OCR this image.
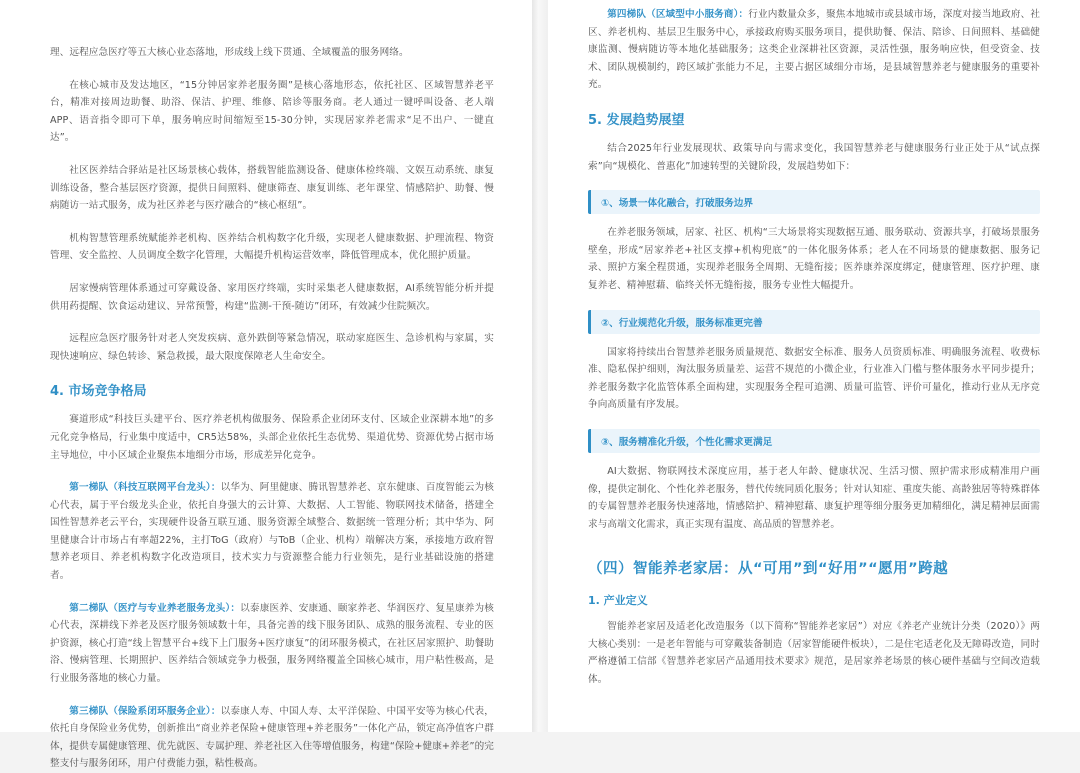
理、远程应急医疗等五大核心业态落地，形成线上线下贯通、全域覆盖的服务网络。

在核心城市及发达地区，“15分钟居家养老服务圈”是核心落地形态，依托社区、区域智慧养老平台，精准对接周边助餐、助浴、保洁、护理、维修、陪诊等服务商。老人通过一键呼叫设备、老人端APP、语音指令即可下单，服务响应时间缩短至15-30分钟，实现居家养老需求“足不出户、一键直达”。

社区医养结合驿站是社区场景核心载体，搭载智能监测设备、健康体检终端、文娱互动系统、康复训练设备，整合基层医疗资源，提供日间照料、健康筛查、康复训练、老年课堂、情感陪护、助餐、慢病随访一站式服务，成为社区养老与医疗融合的“核心枢纽”。

机构智慧管理系统赋能养老机构、医养结合机构数字化升级，实现老人健康数据、护理流程、物资管理、安全监控、人员调度全数字化管理，大幅提升机构运营效率，降低管理成本，优化照护质量。

居家慢病管理体系通过可穿戴设备、家用医疗终端，实时采集老人健康数据，AI系统智能分析并提供用药提醒、饮食运动建议、异常预警，构建“监测-干预-随访”闭环，有效减少住院频次。

远程应急医疗服务针对老人突发疾病、意外跌倒等紧急情况，联动家庭医生、急诊机构与家属，实现快速响应、绿色转诊、紧急救援，最大限度保障老人生命安全。

4. 市场竞争格局

赛道形成“科技巨头建平台、医疗养老机构做服务、保险系企业闭环支付、区域企业深耕本地”的多元化竞争格局，行业集中度适中，CR5达58%，头部企业依托生态优势、渠道优势、资源优势占据市场主导地位，中小区域企业聚焦本地细分市场，形成差异化竞争。

第一梯队（科技互联网平台龙头）：以华为、阿里健康、腾讯智慧养老、京东健康、百度智能云为核心代表，属于平台级龙头企业，依托自身强大的云计算、大数据、人工智能、物联网技术储备，搭建全国性智慧养老云平台，实现硬件设备互联互通、服务资源全域整合、数据统一管理分析；其中华为、阿里健康合计市场占有率超22%，主打ToG（政府）与ToB（企业、机构）端解决方案，承接地方政府智慧养老项目、养老机构数字化改造项目，技术实力与资源整合能力行业领先，是行业基础设施的搭建者。

第二梯队（医疗与专业养老服务龙头）：以泰康医养、安康通、颐家养老、华润医疗、复星康养为核心代表，深耕线下养老及医疗服务领域数十年，具备完善的线下服务团队、成熟的服务流程、专业的医护资源，核心打造“线上智慧平台+线下上门服务+医疗康复”的闭环服务模式，在社区居家照护、助餐助浴、慢病管理、长期照护、医养结合领域竞争力极强，服务网络覆盖全国核心城市，用户粘性极高，是行业服务落地的核心力量。

第三梯队（保险系闭环服务企业）：以泰康人寿、中国人寿、太平洋保险、中国平安等为核心代表，依托自身保险业务优势，创新推出“商业养老保险+健康管理+养老服务”一体化产品，锁定高净值客户群体，提供专属健康管理、优先就医、专属护理、养老社区入住等增值服务，构建“保险+健康+养老”的完整支付与服务闭环，用户付费能力强，粘性极高。

第四梯队（区域型中小服务商）：行业内数量众多，聚焦本地城市或县域市场，深度对接当地政府、社区、养老机构、基层卫生服务中心，承接政府购买服务项目，提供助餐、保洁、陪诊、日间照料、基础健康监测、慢病随访等本地化基础服务；这类企业深耕社区资源，灵活性强，服务响应快，但受资金、技术、团队规模制约，跨区域扩张能力不足，主要占据区域细分市场，是县域智慧养老与健康服务的重要补充。

5. 发展趋势展望

结合2025年行业发展现状、政策导向与需求变化，我国智慧养老与健康服务行业正处于从“试点探索”向“规模化、普惠化”加速转型的关键阶段，发展趋势如下：

①、场景一体化融合，打破服务边界

在养老服务领域，居家、社区、机构“三大场景将实现数据互通、服务联动、资源共享，打破场景服务壁垒，形成“居家养老+社区支撑+机构兜底”的一体化服务体系；老人在不同场景的健康数据、服务记录、照护方案全程贯通，实现养老服务全周期、无缝衔接；医养康养深度绑定，健康管理、医疗护理、康复养老、精神慰藉、临终关怀无缝衔接，服务专业性大幅提升。

②、行业规范化升级，服务标准更完善

国家将持续出台智慧养老服务质量规范、数据安全标准、服务人员资质标准、明确服务流程、收费标准、隐私保护细则，淘汰服务质量差、运营不规范的小微企业，行业准入门槛与整体服务水平同步提升；养老服务数字化监管体系全面构建，实现服务全程可追溯、质量可监管、评价可量化，推动行业从无序竞争向高质量有序发展。

③、服务精准化升级，个性化需求更满足

AI大数据、物联网技术深度应用，基于老人年龄、健康状况、生活习惯、照护需求形成精准用户画像，提供定制化、个性化养老服务，替代传统同质化服务；针对认知症、重度失能、高龄独居等特殊群体的专属智慧养老服务快速落地，情感陪护、精神慰藉、康复护理等细分服务更加精细化，满足精神层面需求与高端文化需求，真正实现有温度、高品质的智慧养老。

（四）智能养老家居：从“可用”到“好用”“愿用”跨越
1. 产业定义

智能养老家居及适老化改造服务（以下简称“智能养老家居”）对应《养老产业统计分类（2020）》两大核心类别：一是老年智能与可穿戴装备制造（居家智能硬件板块），二是住宅适老化及无障碍改造，同时严格遵循工信部《智慧养老家居产品通用技术要求》规范，是居家养老场景的核心硬件基础与空间改造载体。
